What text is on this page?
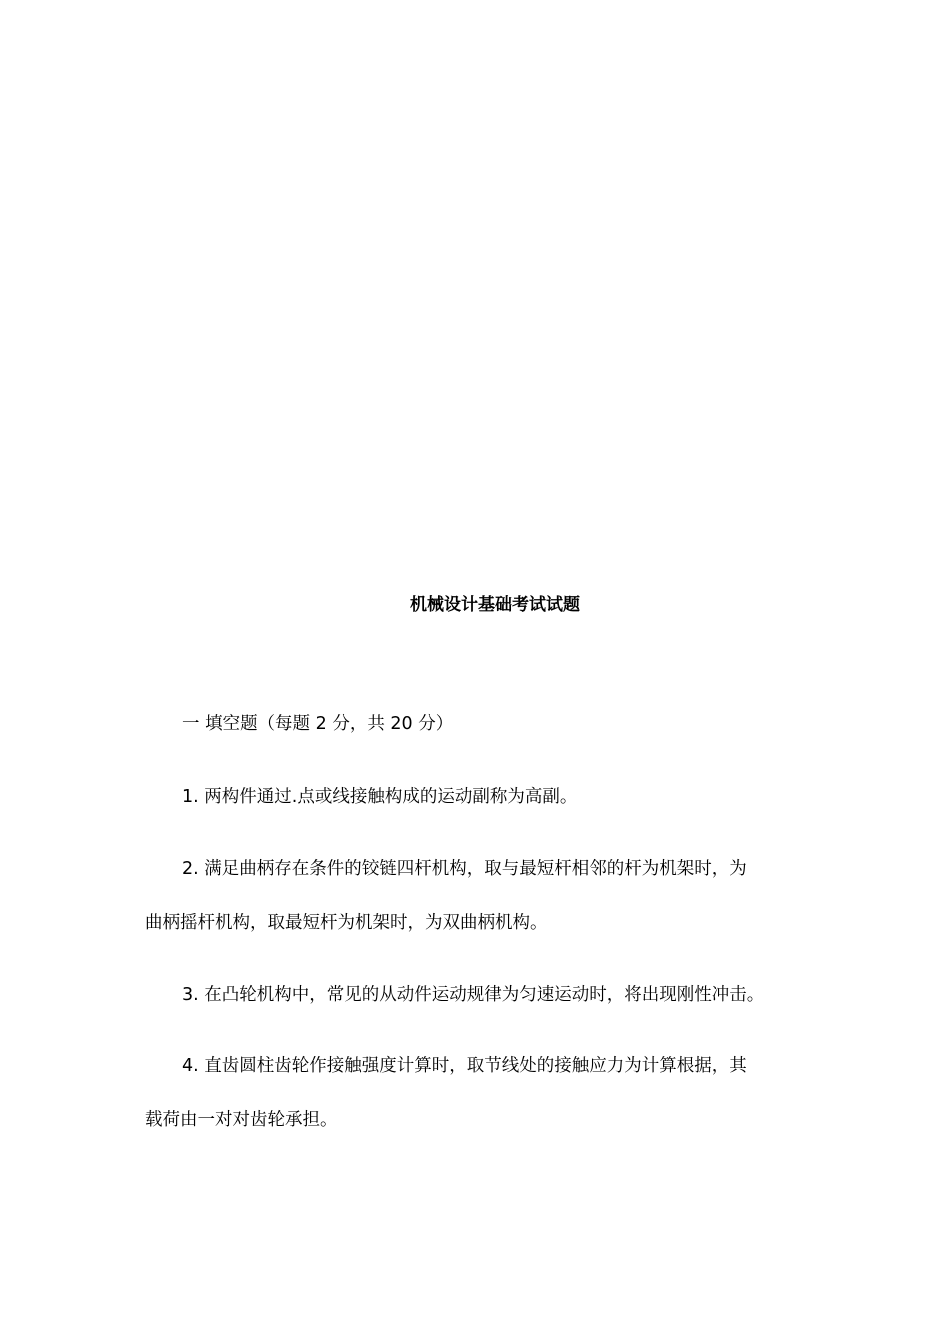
机械设计基础考试试题
一 填空题（每题 2 分，共 20 分）
1. 两构件通过.点或线接触构成的运动副称为高副。
2. 满足曲柄存在条件的铰链四杆机构，取与最短杆相邻的杆为机架时，为
曲柄摇杆机构，取最短杆为机架时，为双曲柄机构。
3. 在凸轮机构中，常见的从动件运动规律为匀速运动时，将出现刚性冲击。
4. 直齿圆柱齿轮作接触强度计算时，取节线处的接触应力为计算根据，其
载荷由一对对齿轮承担。
